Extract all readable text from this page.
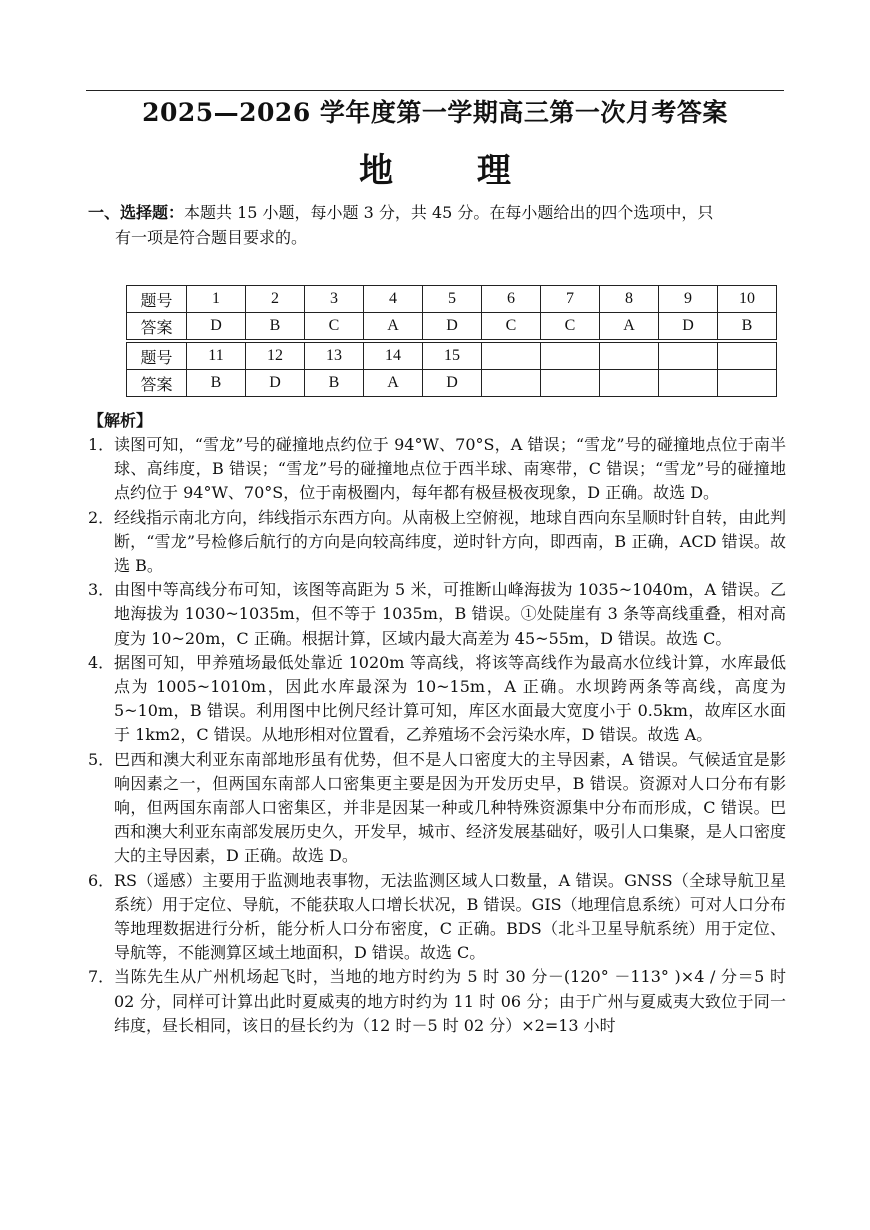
2025—2026 学年度第一学期高三第一次月考答案
地 理
一、选择题：本题共 15 小题，每小题 3 分，共 45 分。在每小题给出的四个选项中，只
有一项是符合题目要求的。
题号	1	2	3	4	5	6	7	8	9	10
答案	D	B	C	A	D	C	C	A	D	B

题号	11	12	13	14	15					
答案	B	D	B	A	D					
【解析】
1． 读图可知，“雪龙”号的碰撞地点约位于 94°W、70°S，A 错误；“雪龙”号的碰撞地点位于南半球、高纬度，B 错误；“雪龙”号的碰撞地点位于西半球、南寒带，C 错误；“雪龙”号的碰撞地点约位于 94°W、70°S，位于南极圈内，每年都有极昼极夜现象，D 正确。故选 D。
2． 经线指示南北方向，纬线指示东西方向。从南极上空俯视，地球自西向东呈顺时针自转，由此判断，“雪龙”号检修后航行的方向是向较高纬度，逆时针方向，即西南，B 正确，ACD 错误。故选 B。
3． 由图中等高线分布可知，该图等高距为 5 米，可推断山峰海拔为 1035~1040m，A 错误。乙地海拔为 1030~1035m，但不等于 1035m，B 错误。①处陡崖有 3 条等高线重叠，相对高度为 10~20m，C 正确。根据计算，区域内最大高差为 45~55m，D 错误。故选 C。
4． 据图可知，甲养殖场最低处靠近 1020m 等高线，将该等高线作为最高水位线计算，水库最低点为 1005~1010m，因此水库最深为 10~15m，A 正确。水坝跨两条等高线，高度为 5~10m，B 错误。利用图中比例尺经计算可知，库区水面最大宽度小于 0.5km，故库区水面于 1km2，C 错误。从地形相对位置看，乙养殖场不会污染水库，D 错误。故选 A。
5． 巴西和澳大利亚东南部地形虽有优势，但不是人口密度大的主导因素，A 错误。气候适宜是影响因素之一，但两国东南部人口密集更主要是因为开发历史早，B 错误。资源对人口分布有影响，但两国东南部人口密集区，并非是因某一种或几种特殊资源集中分布而形成，C 错误。巴西和澳大利亚东南部发展历史久，开发早，城市、经济发展基础好，吸引人口集聚，是人口密度大的主导因素，D 正确。故选 D。
6． RS（遥感）主要用于监测地表事物，无法监测区域人口数量，A 错误。GNSS（全球导航卫星系统）用于定位、导航，不能获取人口增长状况，B 错误。GIS（地理信息系统）可对人口分布等地理数据进行分析，能分析人口分布密度，C 正确。BDS（北斗卫星导航系统）用于定位、导航等，不能测算区域土地面积，D 错误。故选 C。
7． 当陈先生从广州机场起飞时，当地的地方时约为 5 时 30 分－(120° －113° )×4 / 分＝5 时 02 分，同样可计算出此时夏威夷的地方时约为 11 时 06 分；由于广州与夏威夷大致位于同一纬度，昼长相同，该日的昼长约为（12 时－5 时 02 分）×2=13 小时
